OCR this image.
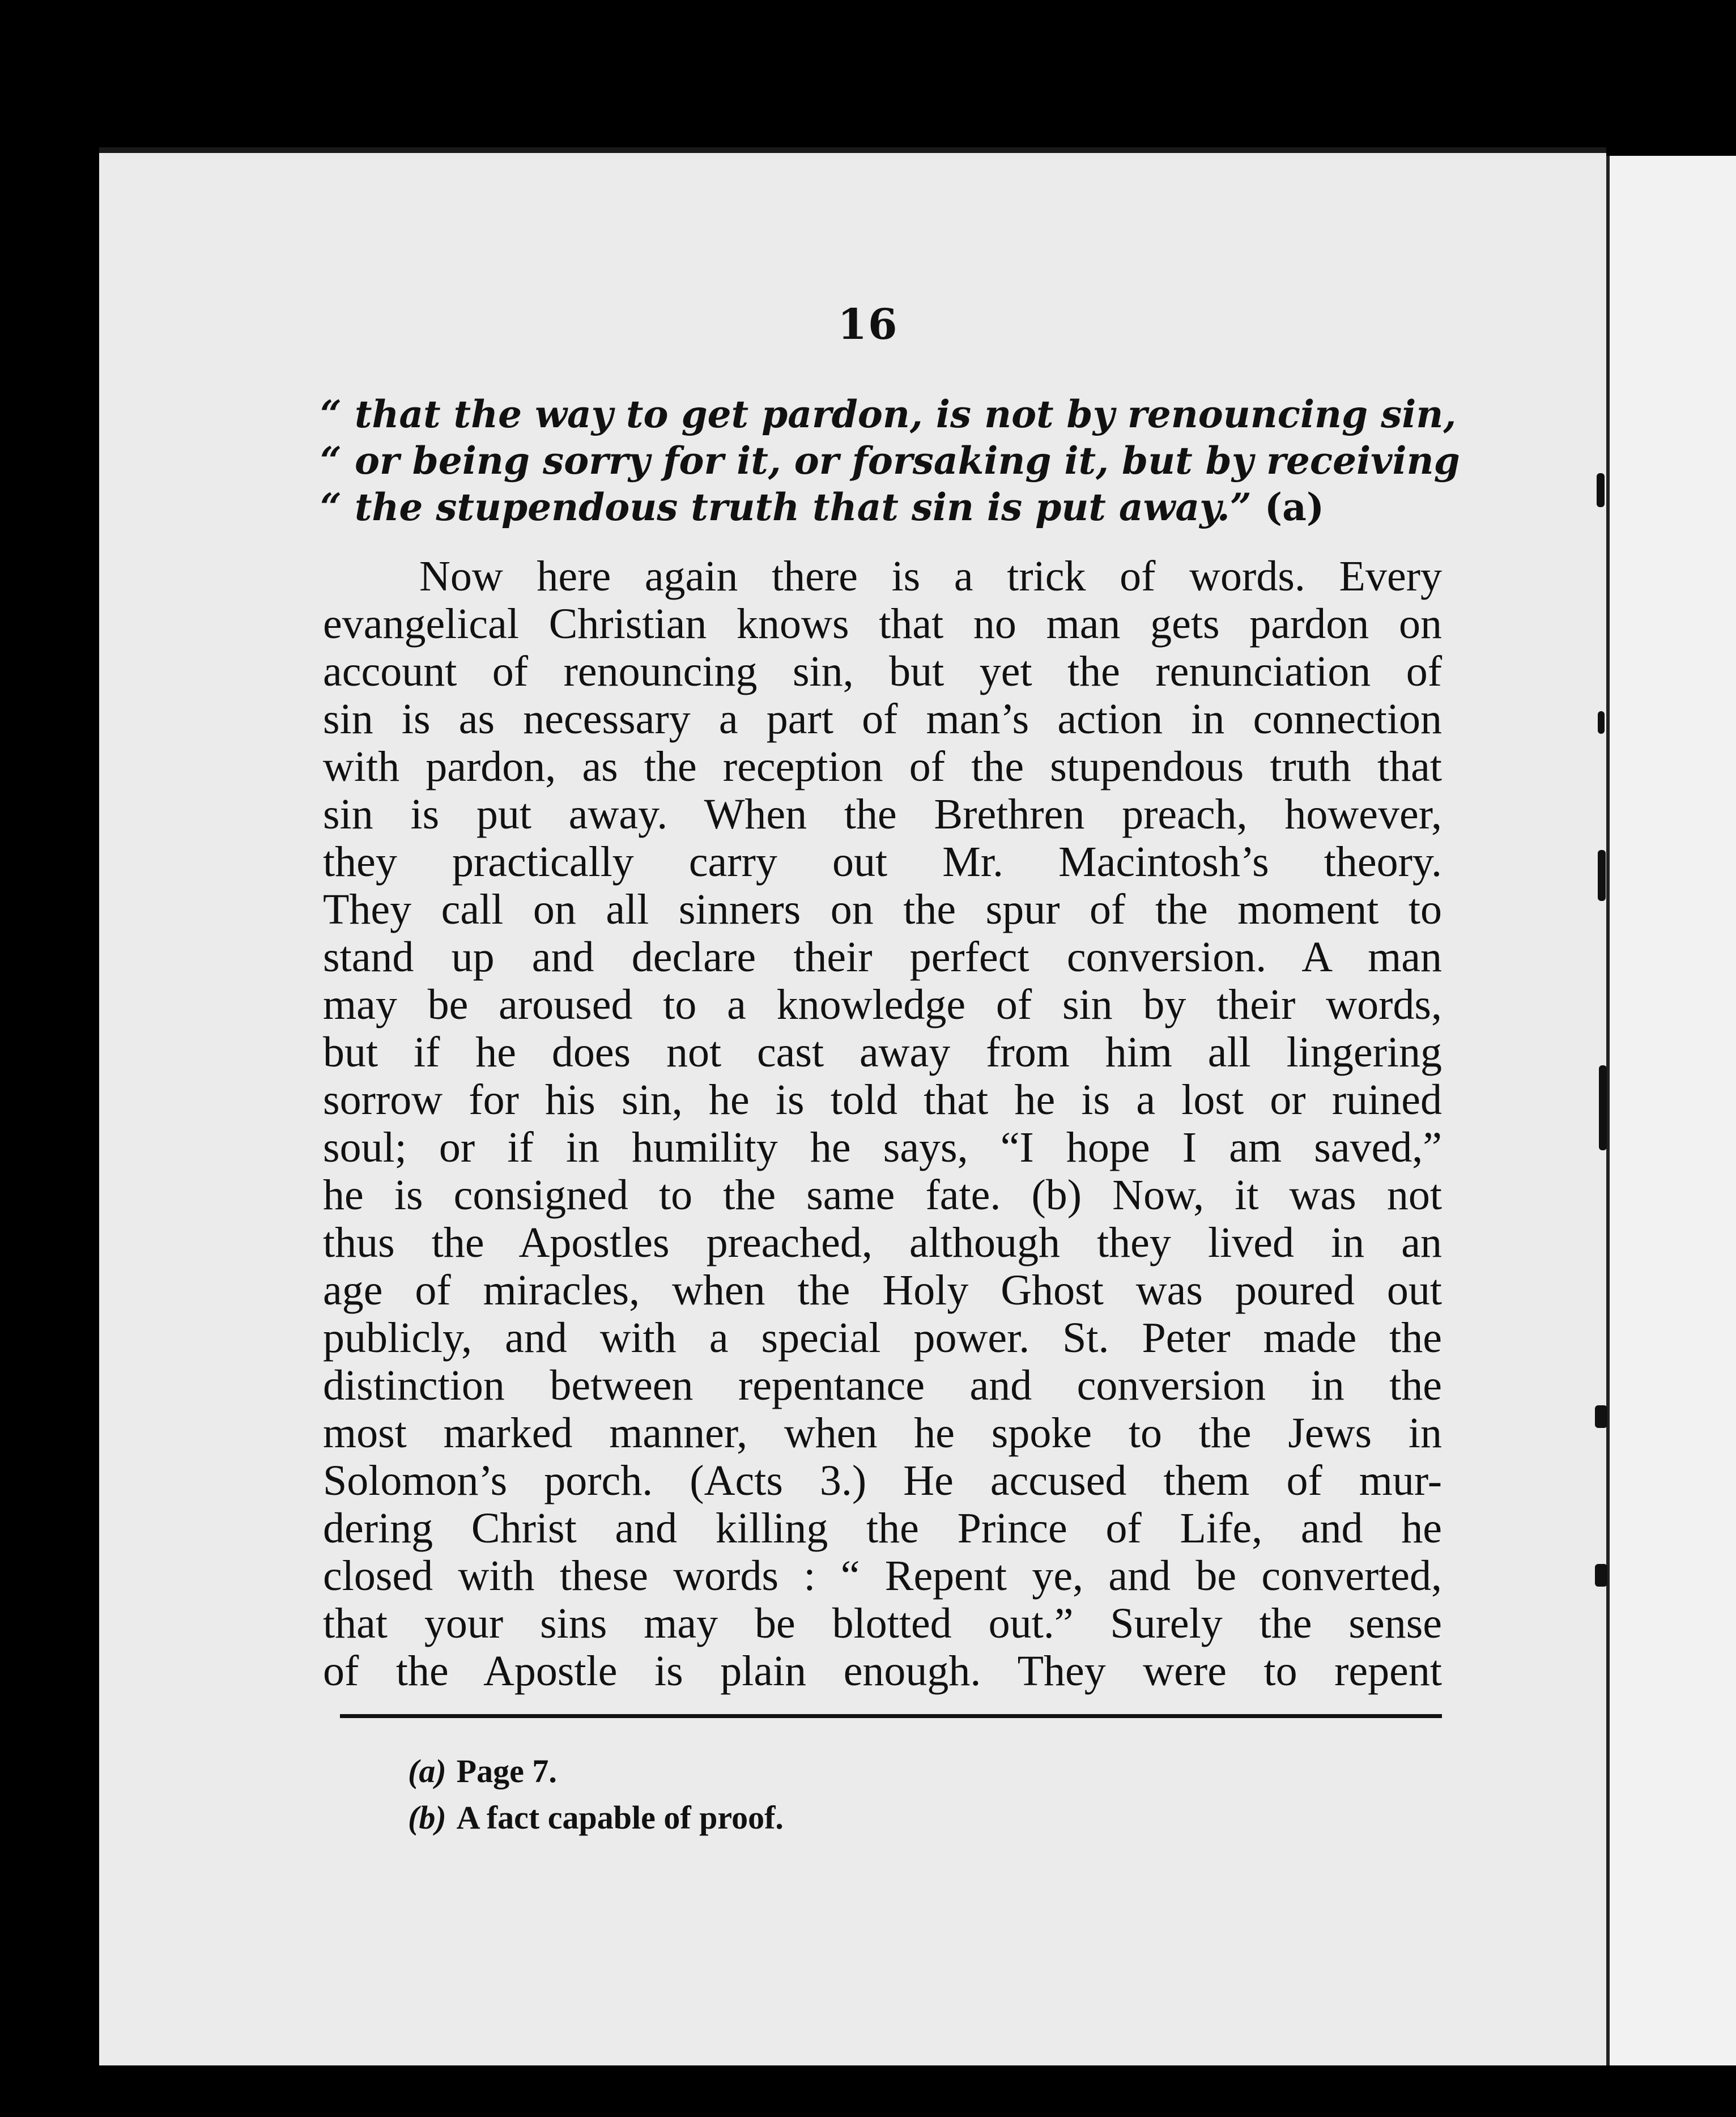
16
“ that the way to get pardon, is not by renouncing sin,
“ or being sorry for it, or forsaking it, but by receiving
“ the stupendous truth that sin is put away.” (a)
Now here again there is a trick of words. Every
evangelical Christian knows that no man gets pardon on
account of renouncing sin, but yet the renunciation of
sin is as necessary a part of man’s action in connection
with pardon, as the reception of the stupendous truth that
sin is put away. When the Brethren preach, however,
they practically carry out Mr. Macintosh’s theory.
They call on all sinners on the spur of the moment to
stand up and declare their perfect conversion. A man
may be aroused to a knowledge of sin by their words,
but if he does not cast away from him all lingering
sorrow for his sin, he is told that he is a lost or ruined
soul; or if in humility he says, “I hope I am saved,”
he is consigned to the same fate. (b) Now, it was not
thus the Apostles preached, although they lived in an
age of miracles, when the Holy Ghost was poured out
publicly, and with a special power. St. Peter made the
distinction between repentance and conversion in the
most marked manner, when he spoke to the Jews in
Solomon’s porch. (Acts 3.) He accused them of mur-
dering Christ and killing the Prince of Life, and he
closed with these words : “ Repent ye, and be converted,
that your sins may be blotted out.” Surely the sense
of the Apostle is plain enough. They were to repent
(a) Page 7.
(b) A fact capable of proof.
